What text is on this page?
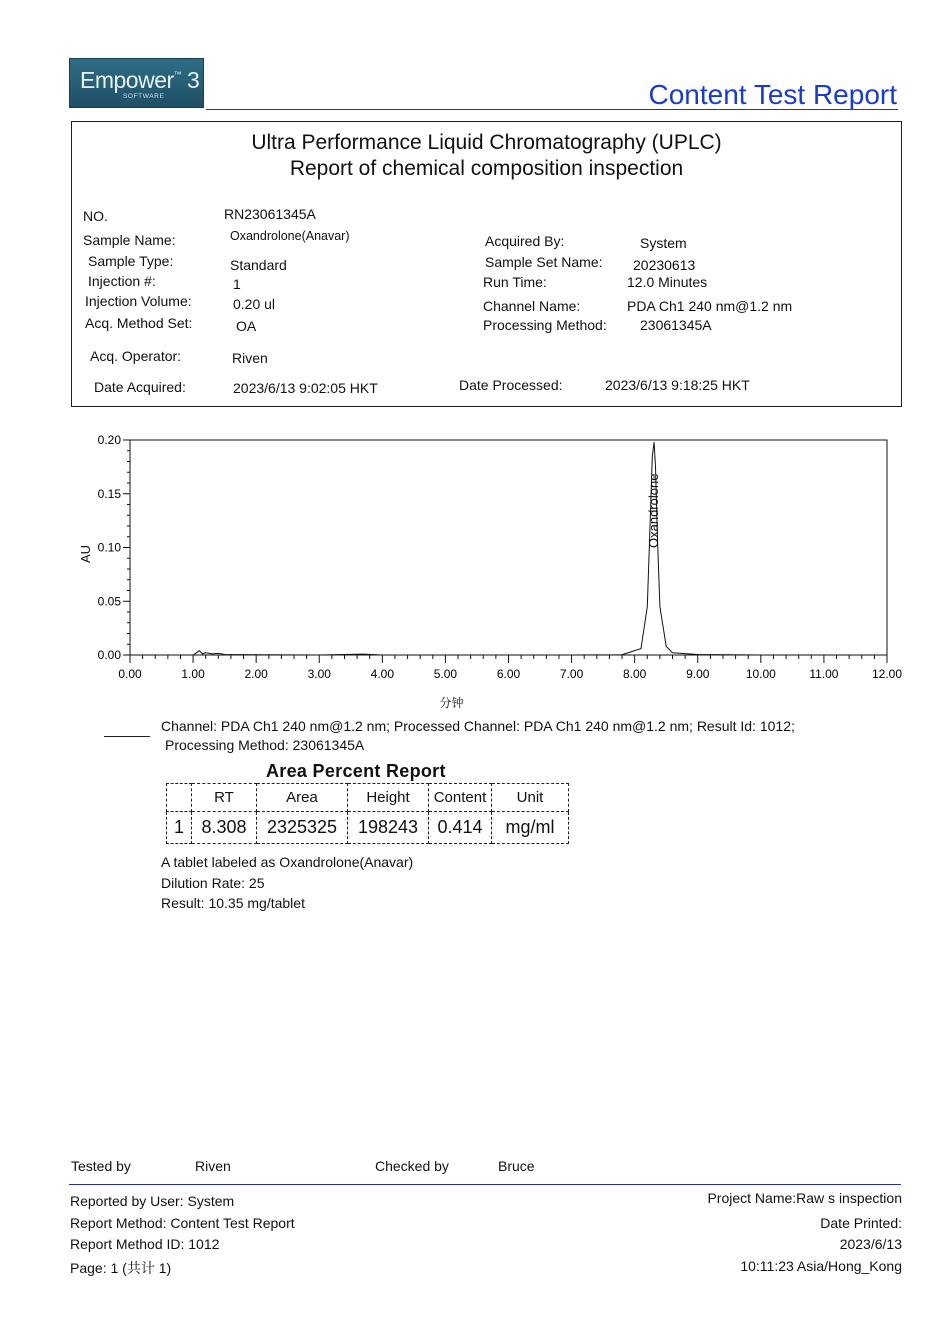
Empower™ 3
SOFTWARE	Content Test Report
Ultra Performance Liquid Chromatography (UPLC)
Report of chemical composition inspection
NO.	RN23061345A
Sample Name:	Oxandrolone(Anavar)
Sample Type:	Standard
Injection #:	1
Injection Volume:	0.20 ul
Acq. Method Set:	OA
Acq. Operator:	Riven
Date Acquired:	2023/6/13 9:02:05 HKT
Acquired By:	System
Sample Set Name: 20230613
Run Time:	12.0 Minutes
Channel Name:	PDA Ch1 240 nm@1.2 nm
Processing Method: 23061345A
Date Processed:	2023/6/13 9:18:25 HKT
0.00	1.00	2.00	3.00	4.00	5.00	6.00	7.00	8.00	9.00	10.00	11.00	12.00
0.00
0.05
0.10
0.15
0.20
Oxandrolone
AU
分钟
Channel: PDA Ch1 240 nm@1.2 nm; Processed Channel: PDA Ch1 240 nm@1.2 nm; Result Id: 1012;
Processing Method: 23061345A
Area Percent Report
	RT	Area	Height	Content	Unit
1	8.308	2325325	198243	0.414	mg/ml
A tablet labeled as Oxandrolone(Anavar)
Dilution Rate: 25
Result: 10.35 mg/tablet
Tested by	Riven	Checked by	Bruce
Reported by User: System
Report Method: Content Test Report
Report Method ID: 1012
Page: 1 (共计 1)
Project Name:Raw s inspection
Date Printed:
2023/6/13
10:11:23 Asia/Hong_Kong
